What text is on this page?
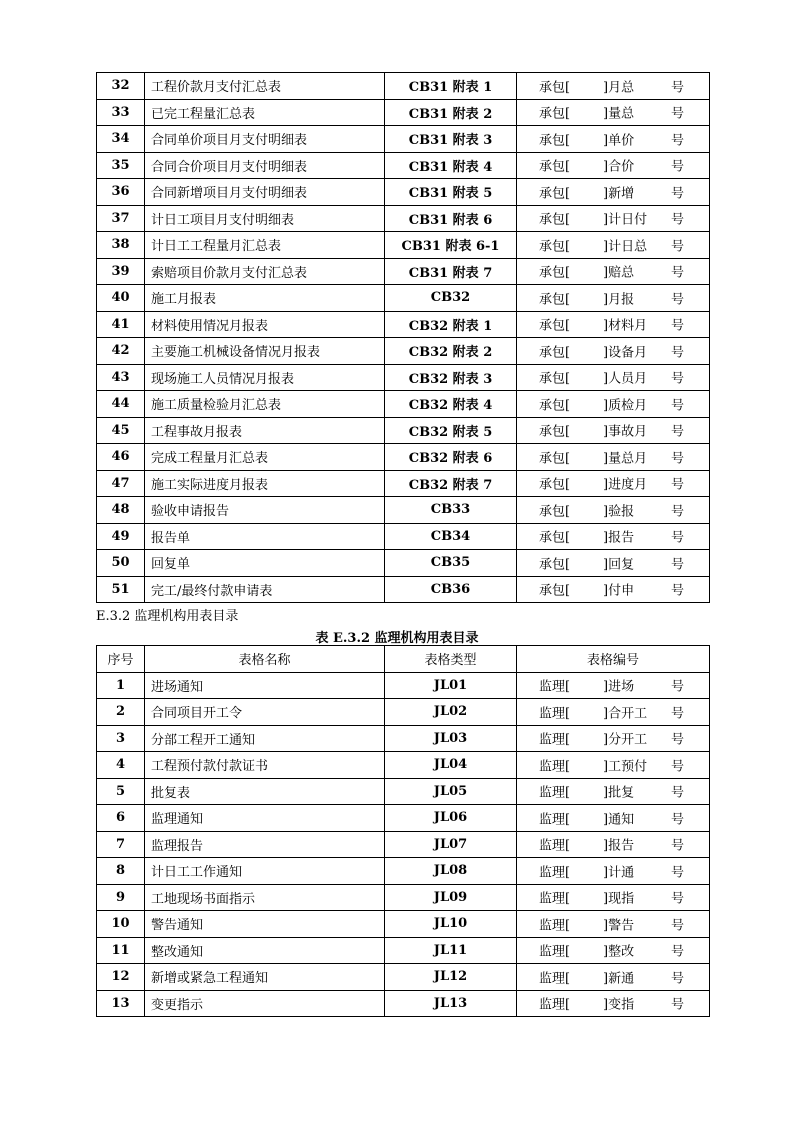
32	工程价款月支付汇总表	CB31 附表 1	承包[ ]月总 号

33	已完工程量汇总表	CB31 附表 2	承包[ ]量总 号

34	合同单价项目月支付明细表	CB31 附表 3	承包[ ]单价 号

35	合同合价项目月支付明细表	CB31 附表 4	承包[ ]合价 号

36	合同新增项目月支付明细表	CB31 附表 5	承包[ ]新增 号

37	计日工项目月支付明细表	CB31 附表 6	承包[ ]计日付 号

38	计日工工程量月汇总表	CB31 附表 6-1	承包[ ]计日总 号

39	索赔项目价款月支付汇总表	CB31 附表 7	承包[ ]赔总 号

40	施工月报表	CB32	承包[ ]月报 号

41	材料使用情况月报表	CB32 附表 1	承包[ ]材料月 号

42	主要施工机械设备情况月报表	CB32 附表 2	承包[ ]设备月 号

43	现场施工人员情况月报表	CB32 附表 3	承包[ ]人员月 号

44	施工质量检验月汇总表	CB32 附表 4	承包[ ]质检月 号

45	工程事故月报表	CB32 附表 5	承包[ ]事故月 号

46	完成工程量月汇总表	CB32 附表 6	承包[ ]量总月 号

47	施工实际进度月报表	CB32 附表 7	承包[ ]进度月 号

48	验收申请报告	CB33	承包[ ]验报 号

49	报告单	CB34	承包[ ]报告 号

50	回复单	CB35	承包[ ]回复 号

51	完工/最终付款申请表	CB36	承包[ ]付申 号
E.3.2 监理机构用表目录
表 E.3.2 监理机构用表目录
序号	表格名称	表格类型	表格编号
1	进场通知	JL01	监理[ ]进场 号

2	合同项目开工令	JL02	监理[ ]合开工 号

3	分部工程开工通知	JL03	监理[ ]分开工 号

4	工程预付款付款证书	JL04	监理[ ]工预付 号

5	批复表	JL05	监理[ ]批复 号

6	监理通知	JL06	监理[ ]通知 号

7	监理报告	JL07	监理[ ]报告 号

8	计日工工作通知	JL08	监理[ ]计通 号

9	工地现场书面指示	JL09	监理[ ]现指 号

10	警告通知	JL10	监理[ ]警告 号

11	整改通知	JL11	监理[ ]整改 号

12	新增或紧急工程通知	JL12	监理[ ]新通 号

13	变更指示	JL13	监理[ ]变指 号
